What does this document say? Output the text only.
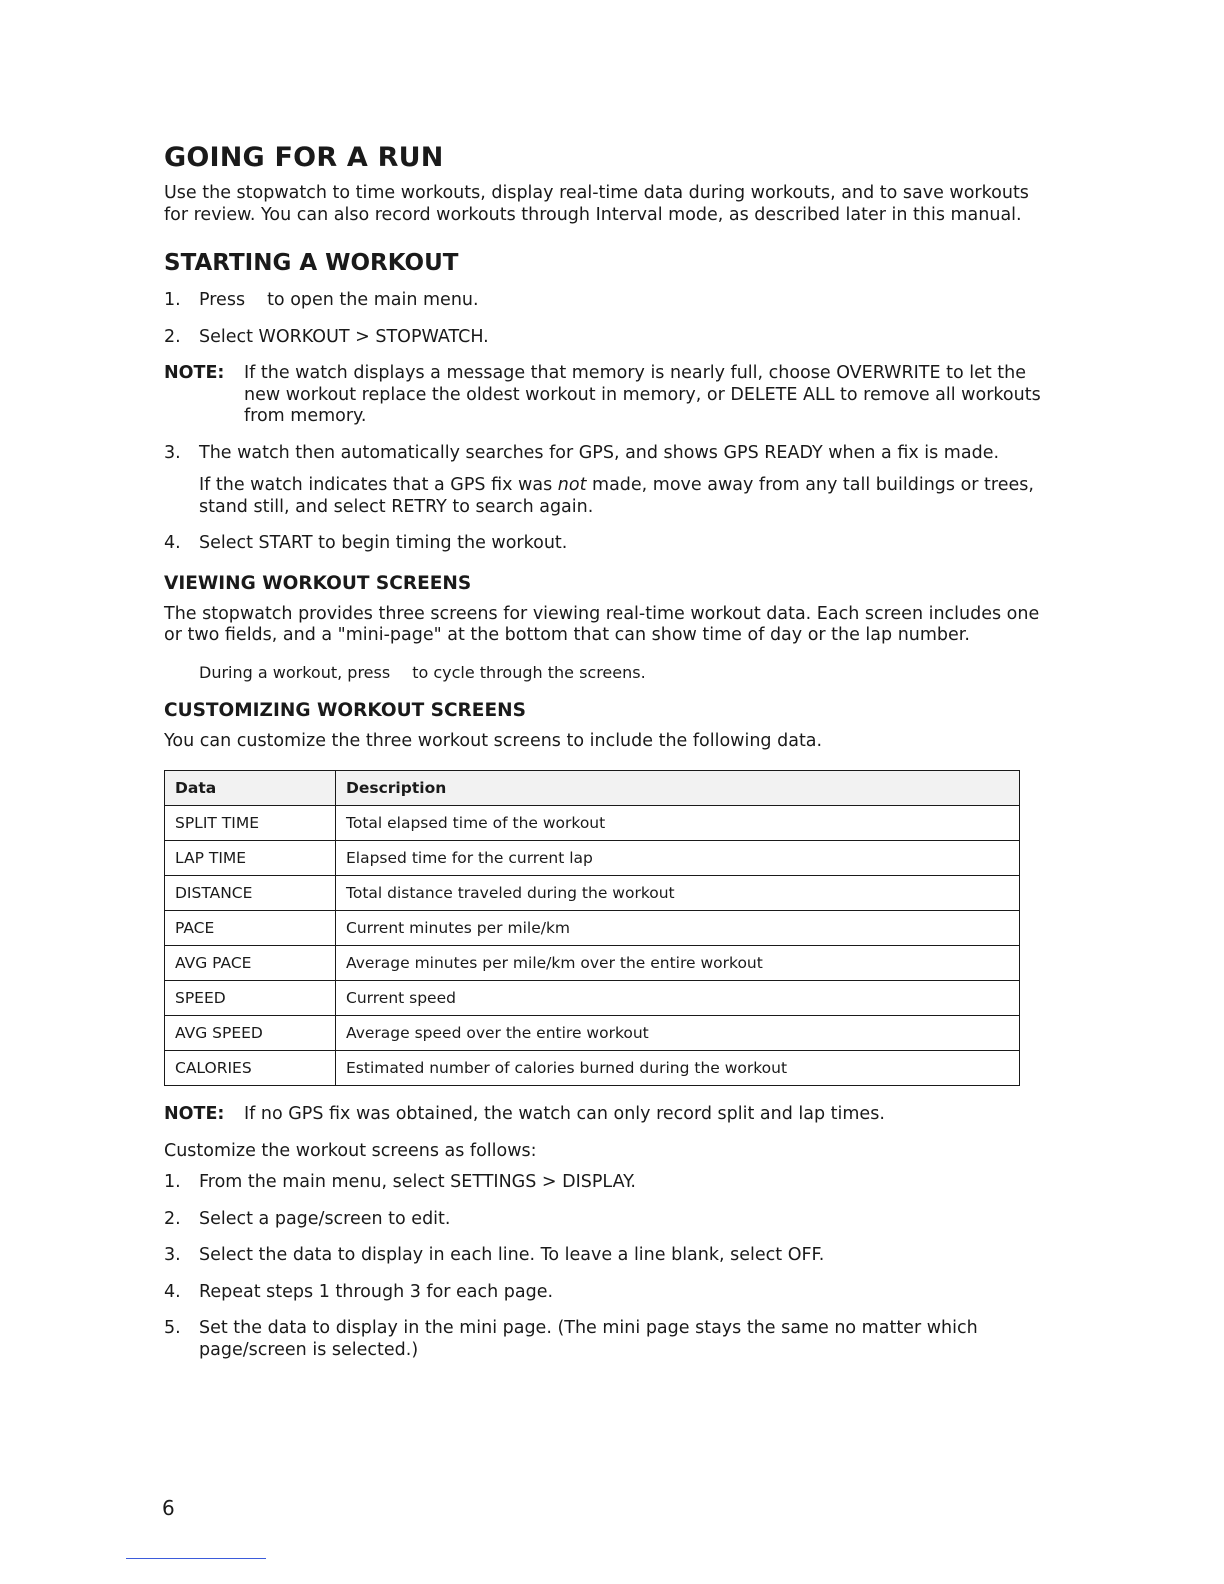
GOING FOR A RUN

Use the stopwatch to time workouts, display real-time data during workouts, and to save workouts for review. You can also record workouts through Interval mode, as described later in this manual.

STARTING A WORKOUT
1.	Press to open the main menu.
2.	Select WORKOUT > STOPWATCH.
NOTE:	If the watch displays a message that memory is nearly full, choose OVERWRITE to let the new workout replace the oldest workout in memory, or DELETE ALL to remove all workouts from memory.
3.	The watch then automatically searches for GPS, and shows GPS READY when a fix is made.
If the watch indicates that a GPS fix was not made, move away from any tall buildings or trees, stand still, and select RETRY to search again.
4.	Select START to begin timing the workout.
VIEWING WORKOUT SCREENS

The stopwatch provides three screens for viewing real-time workout data. Each screen includes one or two fields, and a "mini-page" at the bottom that can show time of day or the lap number.

During a workout, press to cycle through the screens.
CUSTOMIZING WORKOUT SCREENS

You can customize the three workout screens to include the following data.

Data	Description
SPLIT TIME	Total elapsed time of the workout
LAP TIME	Elapsed time for the current lap
DISTANCE	Total distance traveled during the workout
PACE	Current minutes per mile/km
AVG PACE	Average minutes per mile/km over the entire workout
SPEED	Current speed
AVG SPEED	Average speed over the entire workout
CALORIES	Estimated number of calories burned during the workout
NOTE:	If no GPS fix was obtained, the watch can only record split and lap times.

Customize the workout screens as follows:

1.	From the main menu, select SETTINGS > DISPLAY.
2.	Select a page/screen to edit.
3.	Select the data to display in each line. To leave a line blank, select OFF.
4.	Repeat steps 1 through 3 for each page.
5.	Set the data to display in the mini page. (The mini page stays the same no matter which page/screen is selected.)
6
